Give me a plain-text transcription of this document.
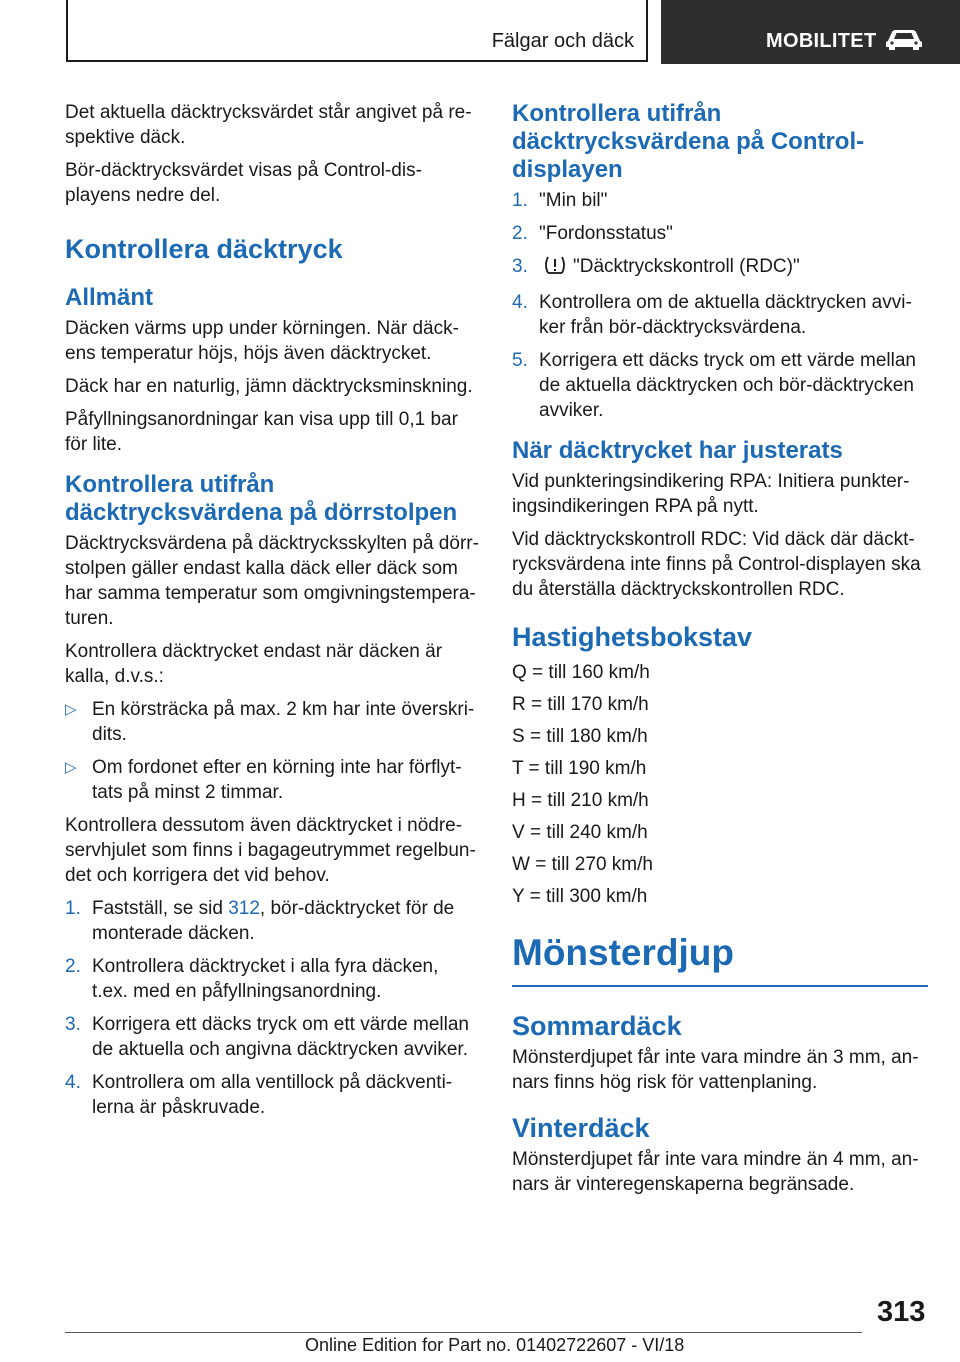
Fälgar och däck	MOBILITET

Det aktuella däcktrycksvärdet står angivet på re-spektive däck.

Bör-däcktrycksvärdet visas på Control-dis-playens nedre del.

Kontrollera däcktryck
Allmänt

Däcken värms upp under körningen. När däck-ens temperatur höjs, höjs även däcktrycket.

Däck har en naturlig, jämn däcktrycksminskning.

Påfyllningsanordningar kan visa upp till 0,1 bar för lite.

Kontrollera utifrån däcktrycksvärdena på dörrstolpen

Däcktrycksvärdena på däcktrycksskylten på dörr-stolpen gäller endast kalla däck eller däck som har samma temperatur som omgivningstempera-turen.

Kontrollera däcktrycket endast när däcken är kalla, d.v.s.:

▷ En körsträcka på max. 2 km har inte överskri-dits.
▷ Om fordonet efter en körning inte har förflyt-tats på minst 2 timmar.

Kontrollera dessutom även däcktrycket i nödre-servhjulet som finns i bagageutrymmet regelbun-det och korrigera det vid behov.

1. Fastställ, se sid 312, bör-däcktrycket för de monterade däcken.
2. Kontrollera däcktrycket i alla fyra däcken, t.ex. med en påfyllningsanordning.
3. Korrigera ett däcks tryck om ett värde mellan de aktuella och angivna däcktrycken avviker.
4. Kontrollera om alla ventillock på däckventi-lerna är påskruvade.
Kontrollera utifrån däcktrycksvärdena på Control-displayen
1. "Min bil"
2. "Fordonsstatus"
3. "Däcktryckskontroll (RDC)"
4. Kontrollera om de aktuella däcktrycken avvi-ker från bör-däcktrycksvärdena.
5. Korrigera ett däcks tryck om ett värde mellan de aktuella däcktrycken och bör-däcktrycken avviker.
När däcktrycket har justerats

Vid punkteringsindikering RPA: Initiera punkter-ingsindikeringen RPA på nytt.

Vid däcktryckskontroll RDC: Vid däck där däckt-rycksvärdena inte finns på Control-displayen ska du återställa däcktryckskontrollen RDC.

Hastighetsbokstav

Q = till 160 km/h

R = till 170 km/h

S = till 180 km/h

T = till 190 km/h

H = till 210 km/h

V = till 240 km/h

W = till 270 km/h

Y = till 300 km/h

Mönsterdjup
Sommardäck

Mönsterdjupet får inte vara mindre än 3 mm, an-nars finns hög risk för vattenplaning.

Vinterdäck

Mönsterdjupet får inte vara mindre än 4 mm, an-nars är vinteregenskaperna begränsade.

313
Online Edition for Part no. 01402722607 - VI/18
